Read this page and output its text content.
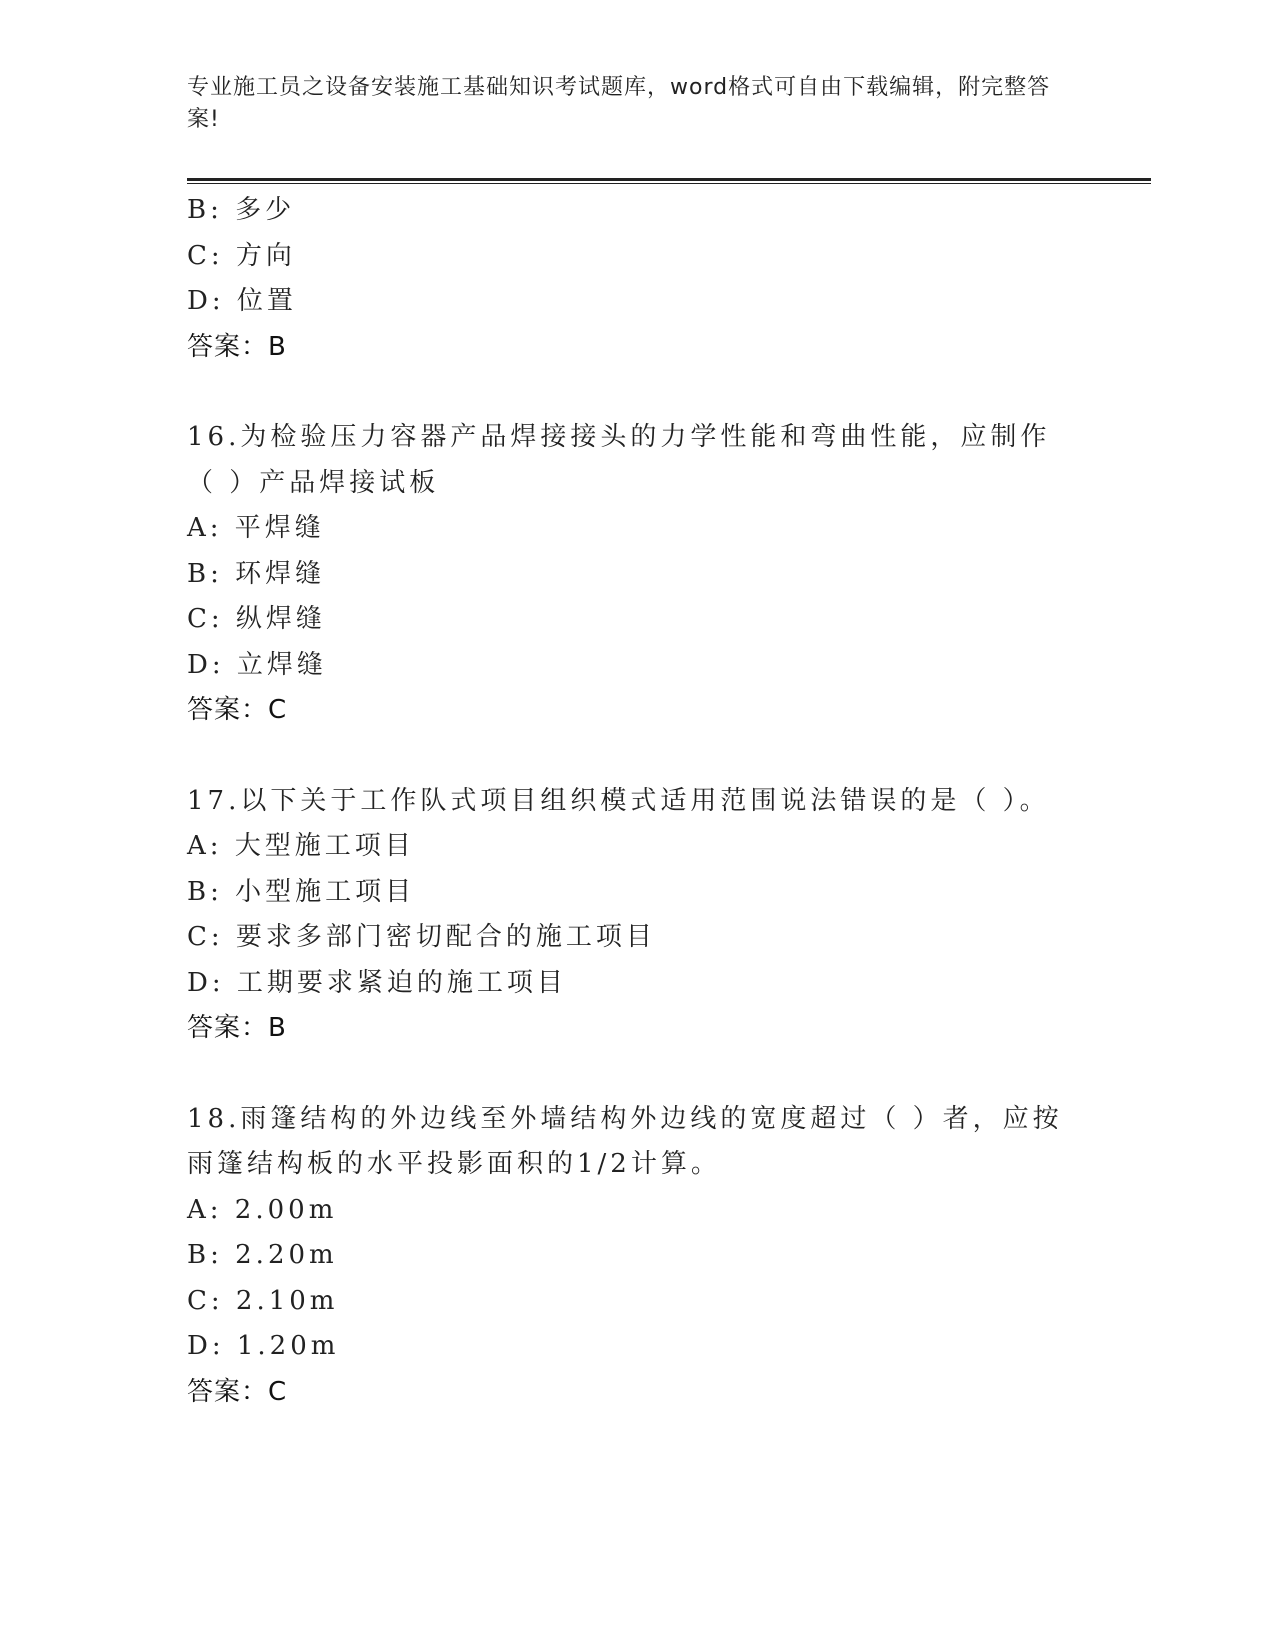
专业施工员之设备安装施工基础知识考试题库，word格式可自由下载编辑，附完整答案!
B: 多少
C: 方向
D: 位置
答案：B
16.为检验压力容器产品焊接接头的力学性能和弯曲性能，应制作（ ）产品焊接试板
A: 平焊缝
B: 环焊缝
C: 纵焊缝
D: 立焊缝
答案：C
17.以下关于工作队式项目组织模式适用范围说法错误的是（ ）。
A: 大型施工项目
B: 小型施工项目
C: 要求多部门密切配合的施工项目
D: 工期要求紧迫的施工项目
答案：B
18.雨篷结构的外边线至外墙结构外边线的宽度超过（ ）者，应按雨篷结构板的水平投影面积的1/2计算。
A: 2.00m
B: 2.20m
C: 2.10m
D: 1.20m
答案：C
